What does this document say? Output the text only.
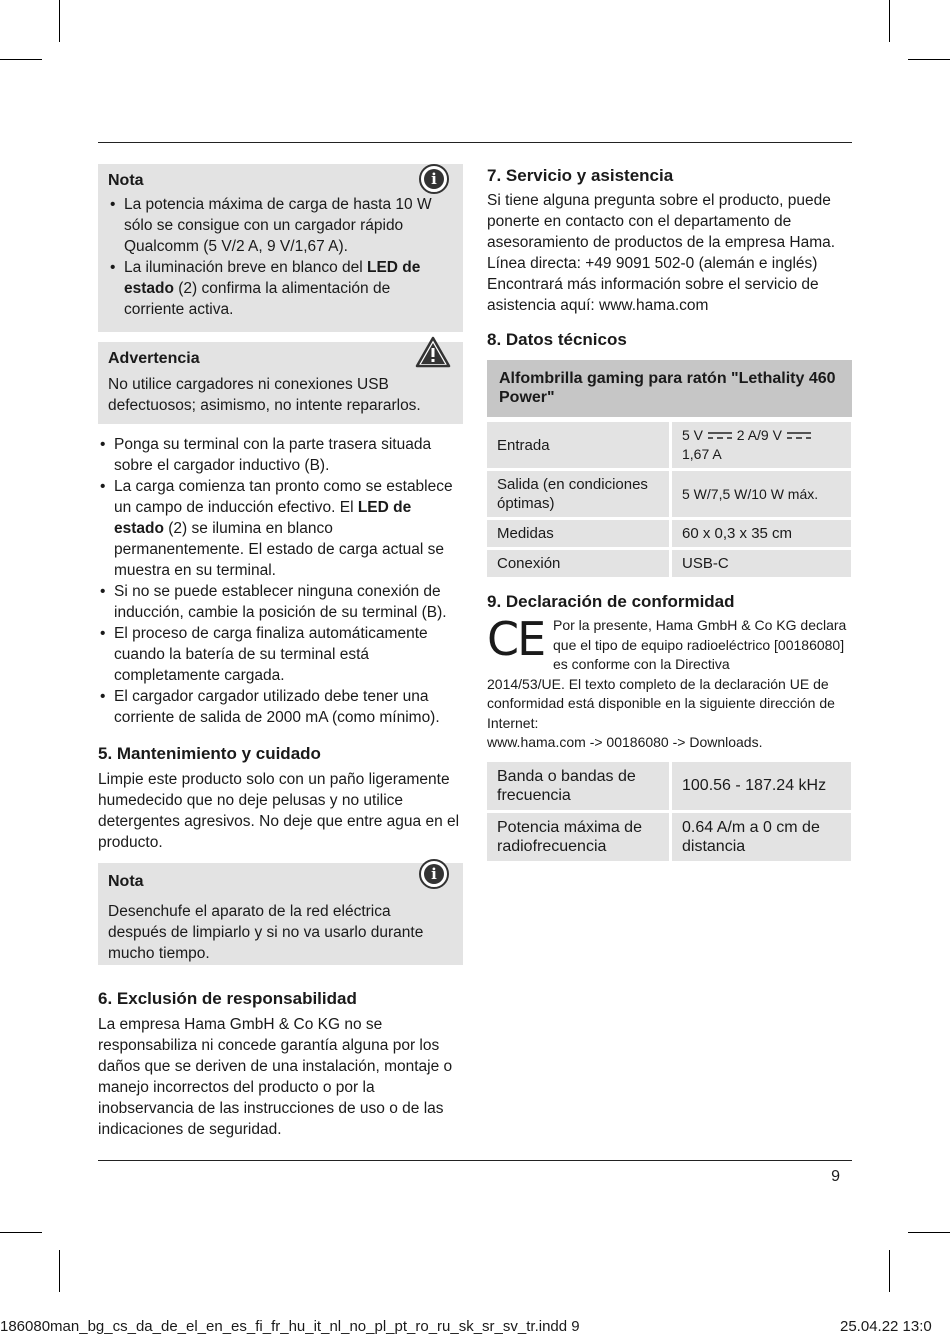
i
Nota
• La potencia máxima de carga de hasta 10 W sólo se consigue con un cargador rápido Qualcomm (5 V/2 A, 9 V/1,67 A).
• La iluminación breve en blanco del LED de estado (2) confirma la alimentación de corriente activa.
Advertencia
No utilice cargadores ni conexiones USB defectuosos; asimismo, no intente repararlos.
• Ponga su terminal con la parte trasera situada sobre el cargador inductivo (B).
• La carga comienza tan pronto como se establece un campo de inducción efectivo. El LED de estado (2) se ilumina en blanco permanentemente. El estado de carga actual se muestra en su terminal.
• Si no se puede establecer ninguna conexión de inducción, cambie la posición de su terminal (B).
• El proceso de carga finaliza automáticamente cuando la batería de su terminal está completamente cargada.
• El cargador cargador utilizado debe tener una corriente de salida de 2000 mA (como mínimo).
5. Mantenimiento y cuidado

Limpie este producto solo con un paño ligeramente humedecido que no deje pelusas y no utilice detergentes agresivos. No deje que entre agua en el producto.

i
Nota
Desenchufe el aparato de la red eléctrica después de limpiarlo y si no va usarlo durante mucho tiempo.
6. Exclusión de responsabilidad

La empresa Hama GmbH & Co KG no se responsabiliza ni concede garantía alguna por los daños que se deriven de una instalación, montaje o manejo incorrectos del producto o por la inobservancia de las instrucciones de uso o de las indicaciones de seguridad.

7. Servicio y asistencia

Si tiene alguna pregunta sobre el producto, puede ponerte en contacto con el departamento de asesoramiento de productos de la empresa Hama. Línea directa: +49 9091 502-0 (alemán e inglés) Encontrará más información sobre el servicio de asistencia aquí: www.hama.com

8. Datos técnicos
Alfombrilla gaming para ratón "Lethality 460 Power"
Entrada	5 V 2 A/9 V
1,67 A
Salida (en condiciones óptimas)	5 W/7,5 W/10 W máx.
Medidas	60 x 0,3 x 35 cm
Conexión	USB-C
9. Declaración de conformidad
CE Por la presente, Hama GmbH & Co KG declara que el tipo de equipo radioeléctrico [00186080] es conforme con la Directiva

2014/53/UE. El texto completo de la declaración UE de conformidad está disponible en la siguiente dirección de Internet:

www.hama.com -> 00186080 -> Downloads.

Banda o bandas de frecuencia	100.56 - 187.24 kHz
Potencia máxima de radiofrecuencia	0.64 A/m a 0 cm de distancia
9
186080man_bg_cs_da_de_el_en_es_fi_fr_hu_it_nl_no_pl_pt_ro_ru_sk_sr_sv_tr.indd 9	25.04.22 13:0
